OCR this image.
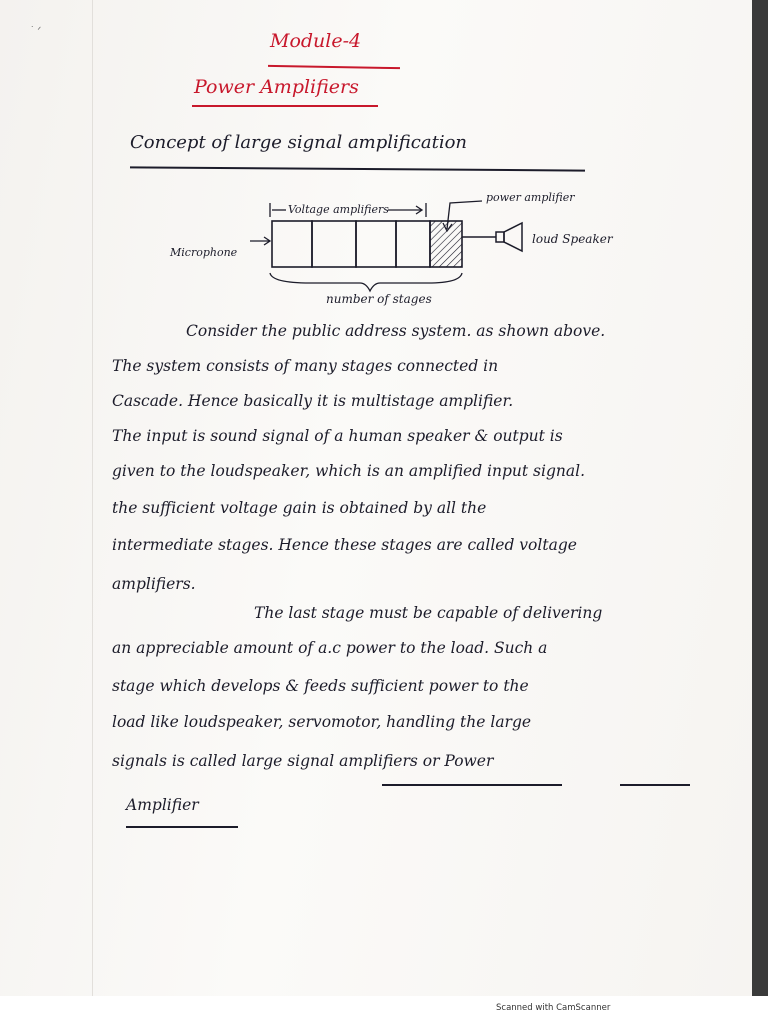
˙ ᐟ	Module-4
Power Amplifiers
Concept of large signal amplification
Voltage amplifiers
power amplifier
Microphone
loud Speaker
number of stages
Consider the public address system. as shown above.
The system consists of many stages connected in
Cascade. Hence basically it is multistage amplifier.
The input is sound signal of a human speaker & output is
given to the loudspeaker, which is an amplified input signal.
the sufficient voltage gain is obtained by all the
intermediate stages. Hence these stages are called voltage
amplifiers.
The last stage must be capable of delivering
an appreciable amount of a.c power to the load. Such a
stage which develops & feeds sufficient power to the
load like loudspeaker, servomotor, handling the large
signals is called large signal amplifiers or Power
Amplifier
Scanned with CamScanner
